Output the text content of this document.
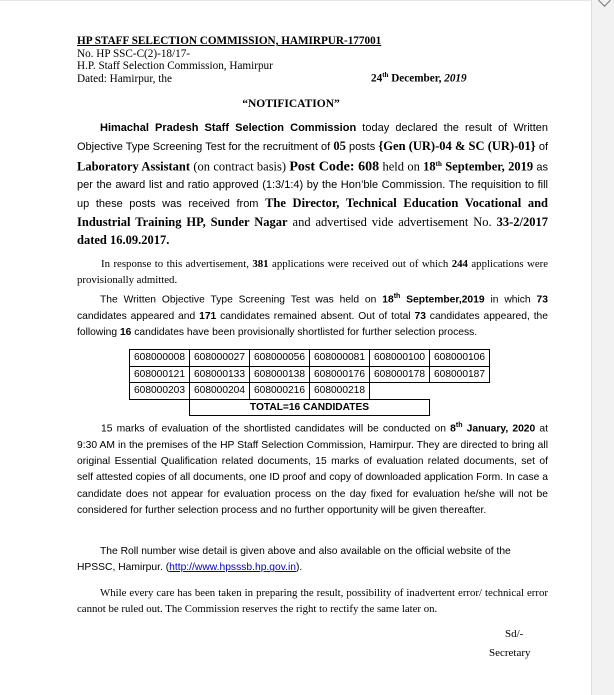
HP STAFF SELECTION COMMISSION, HAMIRPUR-177001
No. HP SSC-C(2)-18/17-
H.P. Staff Selection Commission, Hamirpur
Dated: Hamirpur, the	24th December, 2019
“NOTIFICATION”
Himachal Pradesh Staff Selection Commission today declared the result of Written Objective Type Screening Test for the recruitment of 05 posts {Gen (UR)-04 & SC (UR)-01} of Laboratory Assistant (on contract basis) Post Code: 608 held on 18th September, 2019 as per the award list and ratio approved (1:3/1:4) by the Hon’ble Commission. The requisition to fill up these posts was received from The Director, Technical Education Vocational and Industrial Training HP, Sunder Nagar and advertised vide advertisement No. 33-2/2017 dated 16.09.2017.
In response to this advertisement, 381 applications were received out of which 244 applications were provisionally admitted.
The Written Objective Type Screening Test was held on 18th September,2019 in which 73 candidates appeared and 171 candidates remained absent. Out of total 73 candidates appeared, the following 16 candidates have been provisionally shortlisted for further selection process.
608000008	608000027	608000056	608000081	608000100	608000106
608000121	608000133	608000138	608000176	608000178	608000187
608000203	608000204	608000216	608000218		
	TOTAL=16 CANDIDATES				
15 marks of evaluation of the shortlisted candidates will be conducted on 8th January, 2020 at 9:30 AM in the premises of the HP Staff Selection Commission, Hamirpur. They are directed to bring all original Essential Qualification related documents, 15 marks of evaluation related documents, set of self attested copies of all documents, one ID proof and copy of downloaded application Form. In case a candidate does not appear for evaluation process on the day fixed for evaluation he/she will not be considered for further selection process and no further opportunity will be given thereafter.
The Roll number wise detail is given above and also available on the official website of the HPSSC, Hamirpur. (http://www.hpsssb.hp.gov.in).
While every care has been taken in preparing the result, possibility of inadvertent error/ technical error cannot be ruled out. The Commission reserves the right to rectify the same later on.
Sd/-
Secretary
